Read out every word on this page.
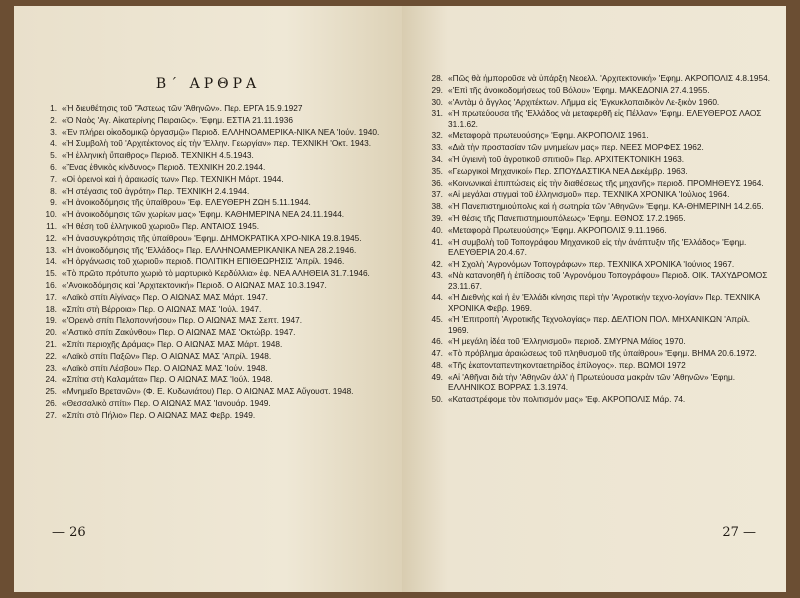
Β΄ ΑΡΘΡΑ
1. «Ἡ διευθέτησις τοῦ 'Ἄστεως τῶν 'Ἀθηνῶν». Περ. ΕΡΓΑ 15.9.1927
2. «Ὁ Ναὸς 'Αγ. Αἰκατερίνης Πειραιῶς». 'Εφημ. ΕΣΤΙΑ 21.11.1936
3. «Ἐν πλήρει οἰκοδομικῷ ὀργασμῷ» Περιοδ. ΕΛΛΗΝΟΑΜΕΡΙΚΑ-ΝΙΚΑ ΝΕΑ 'Ιούν. 1940.
4. «Ἡ Συμβολὴ τοῦ 'Αρχιτέκτονος εἰς τὴν 'Ελλην. Γεωργίαν» περ. ΤΕΧΝΙΚΗ 'Οκτ. 1943.
5. «Ἡ ἑλληνικὴ ὕπαιθρος» Περιοδ. ΤΕΧΝΙΚΗ 4.5.1943.
6. «Ἕνας ἐθνικὸς κίνδυνος» Περιοδ. ΤΕΧΝΙΚΗ 20.2.1944.
7. «Οἱ ὀρεινοὶ καὶ ἡ ἀραιωσίς των» Περ. ΤΕΧΝΙΚΗ Μάρτ. 1944.
8. «Ἡ στέγασις τοῦ ἀγρότη» Περ. ΤΕΧΝΙΚΗ 2.4.1944.
9. «Ἡ ἀνοικοδόμησις τῆς ὑπαίθρου» 'Εφ. ΕΛΕΥΘΕΡΗ ΖΩΗ 5.11.1944.
10. «Ἡ ἀνοικοδόμησις τῶν χωρίων μας» 'Εφημ. ΚΑΘΗΜΕΡΙΝΑ ΝΕΑ 24.11.1944.
11. «Ἡ θέση τοῦ ἑλληνικοῦ χωριοῦ» Περ. ΑΝΤΑΙΟΣ 1945.
12. «Ἡ ἀνασυγκρότησις τῆς ὑπαίθρου» 'Εφημ. ΔΗΜΟΚΡΑΤΙΚΑ ΧΡΟ-ΝΙΚΑ 19.8.1945.
13. «Ἡ ἀνοικοδόμησις τῆς 'Ελλάδος» Περ. ΕΛΛΗΝΟΑΜΕΡΙΚΑΝΙΚΑ ΝΕΑ 28.2.1946.
14. «Ἡ ὀργάνωσις τοῦ χωριοῦ» περιοδ. ΠΟΛΙΤΙΚΗ ΕΠΙΘΕΩΡΗΣΙΣ 'Απρίλ. 1946.
15. «Τὸ πρῶτο πρότυπο χωριὸ τὸ μαρτυρικὸ Κερδύλλια» ἐφ. ΝΕΑ ΑΛΗΘΕΙΑ 31.7.1946.
16. «'Ανοικοδόμησις καὶ 'Αρχιτεκτονική» Περιοδ. Ο ΑΙΩΝΑΣ ΜΑΣ 10.3.1947.
17. «Λαϊκὸ σπίτι Αἰγίνας» Περ. Ο ΑΙΩΝΑΣ ΜΑΣ Μάρτ. 1947.
18. «Σπίτι στὴ Βέρροια» Περ. Ο ΑΙΩΝΑΣ ΜΑΣ 'Ιούλ. 1947.
19. «'Ορεινὸ σπίτι Πελοποννήσου» Περ. Ο ΑΙΩΝΑΣ ΜΑΣ Σεπτ. 1947.
20. «'Αστικὸ σπίτι Ζακύνθου» Περ. Ο ΑΙΩΝΑΣ ΜΑΣ 'Οκτώβρ. 1947.
21. «Σπίτι περιοχῆς Δράμας» Περ. Ο ΑΙΩΝΑΣ ΜΑΣ Μάρτ. 1948.
22. «Λαϊκὸ σπίτι Παξῶν» Περ. Ο ΑΙΩΝΑΣ ΜΑΣ 'Απρίλ. 1948.
23. «Λαϊκὸ σπίτι Λέσβου» Περ. Ο ΑΙΩΝΑΣ ΜΑΣ 'Ιούν. 1948.
24. «Σπίτια στὴ Καλαμάτα» Περ. Ο ΑΙΩΝΑΣ ΜΑΣ 'Ιούλ. 1948.
25. «Μνημεῖο Βρετανῶν» (Φ. Ε. Κυδωνιάτου) Περ. Ο ΑΙΩΝΑΣ ΜΑΣ Αὔγουστ. 1948.
26. «Θεσσαλικὸ σπίτι» Περ. Ο ΑΙΩΝΑΣ ΜΑΣ 'Ιανουάρ. 1949.
27. «Σπίτι στὸ Πήλιο» Περ. Ο ΑΙΩΝΑΣ ΜΑΣ Φεβρ. 1949.
— 26
28. «Πῶς θὰ ἠμποροῦσε νὰ ὑπάρξη Νεοελλ. 'Αρχιτεκτονική» 'Εφημ. ΑΚΡΟΠΟΛΙΣ 4.8.1954.
29. «'Επὶ τῆς ἀνοικοδομήσεως τοῦ Βόλου» 'Εφημ. ΜΑΚΕΔΟΝΙΑ 27.4.1955.
30. «'Αντὰμ ὁ ἄγγλος 'Αρχιτέκτων. Λῆμμα εἰς 'Εγκυκλοπαιδικὸν Λε-ξικὸν 1960.
31. «Ἡ πρωτεύουσα τῆς 'Ελλάδος νὰ μεταφερθῆ εἰς Πέλλαν» 'Εφημ. ΕΛΕΥΘΕΡΟΣ ΛΑΟΣ 31.1.62.
32. «Μεταφορὰ πρωτευούσης» 'Εφημ. ΑΚΡΟΠΟΛΙΣ 1961.
33. «Διὰ τὴν προστασίαν τῶν μνημείων μας» περ. ΝΕΕΣ ΜΟΡΦΕΣ 1962.
34. «Ἡ ὑγιεινὴ τοῦ ἀγροτικοῦ σπιτιοῦ» Περ. ΑΡΧΙΤΕΚΤΟΝΙΚΗ 1963.
35. «Γεωργικοὶ Μηχανικοί» Περ. ΣΠΟΥΔΑΣΤΙΚΑ ΝΕΑ Δεκέμβρ. 1963.
36. «Κοινωνικαὶ ἐπιπτώσεις εἰς τὴν διαθέσεως τῆς μηχανῆς» περιοδ. ΠΡΟΜΗΘΕΥΣ 1964.
37. «Αἱ μεγάλαι στιγμαὶ τοῦ ἑλληνισμοῦ» περ. ΤΕΧΝΙΚΑ ΧΡΟΝΙΚΑ 'Ιούλιος 1964.
38. «Ἡ Πανεπιστημιούπολις καὶ ἡ σωτηρία τῶν 'Αθηνῶν» 'Εφημ. ΚΑ-ΘΗΜΕΡΙΝΗ 14.2.65.
39. «Ἡ θέσις τῆς Πανεπιστημιουπόλεως» 'Εφημ. ΕΘΝΟΣ 17.2.1965.
40. «Μεταφορὰ Πρωτευούσης» 'Εφημ. ΑΚΡΟΠΟΛΙΣ 9.11.1966.
41. «Ἡ συμβολὴ τοῦ Τοπογράφου Μηχανικοῦ εἰς τὴν ἀνάπτυξιν τῆς 'Ελλάδος» 'Εφημ. ΕΛΕΥΘΕΡΙΑ 20.4.67.
42. «Ἡ Σχολὴ 'Αγρονόμων Τοπογράφων» περ. ΤΕΧΝΙΚΑ ΧΡΟΝΙΚΑ 'Ιούνιος 1967.
43. «Νὰ κατανοηθῆ ἡ ἐπίδοσις τοῦ 'Αγρονόμου Τοπογράφου» Περιοδ. ΟΙΚ. ΤΑΧΥΔΡΟΜΟΣ 23.11.67.
44. «Ἡ Διεθνὴς καὶ ἡ ἐν 'Ελλάδι κίνησις περὶ τὴν 'Αγροτικὴν τεχνο-λογίαν» Περ. ΤΕΧΝΙΚΑ ΧΡΟΝΙΚΑ Φεβρ. 1969.
45. «Ἡ 'Επιτροπὴ 'Αγροτικῆς Τεχνολογίας» περ. ΔΕΛΤΙΟΝ ΠΟΛ. ΜΗΧΑΝΙΚΩΝ 'Απρίλ. 1969.
46. «Ἡ μεγάλη ἰδέα τοῦ 'Ελληνισμοῦ» περιοδ. ΣΜΥΡΝΑ Μάϊος 1970.
47. «Τὸ πρόβλημα ἀραιώσεως τοῦ πληθυσμοῦ τῆς ὑπαίθρου» 'Εφημ. ΒΗΜΑ 20.6.1972.
48. «Τῆς ἑκατονταπεντηκονταετηρίδος ἐπίλογος». περ. ΒΩΜΟΙ 1972
49. «Αἱ 'Αθῆναι διὰ τὴν 'Αθηνῶν ἀλλ' ἡ Πρωτεύουσα μακρὰν τῶν 'Αθηνῶν» 'Εφημ. ΕΛΛΗΝΙΚΟΣ ΒΟΡΡΑΣ 1.3.1974.
50. «Καταστρέφομε τὸν πολιτισμόν μας» 'Εφ. ΑΚΡΟΠΟΛΙΣ Μάρ. 74.
27 —
